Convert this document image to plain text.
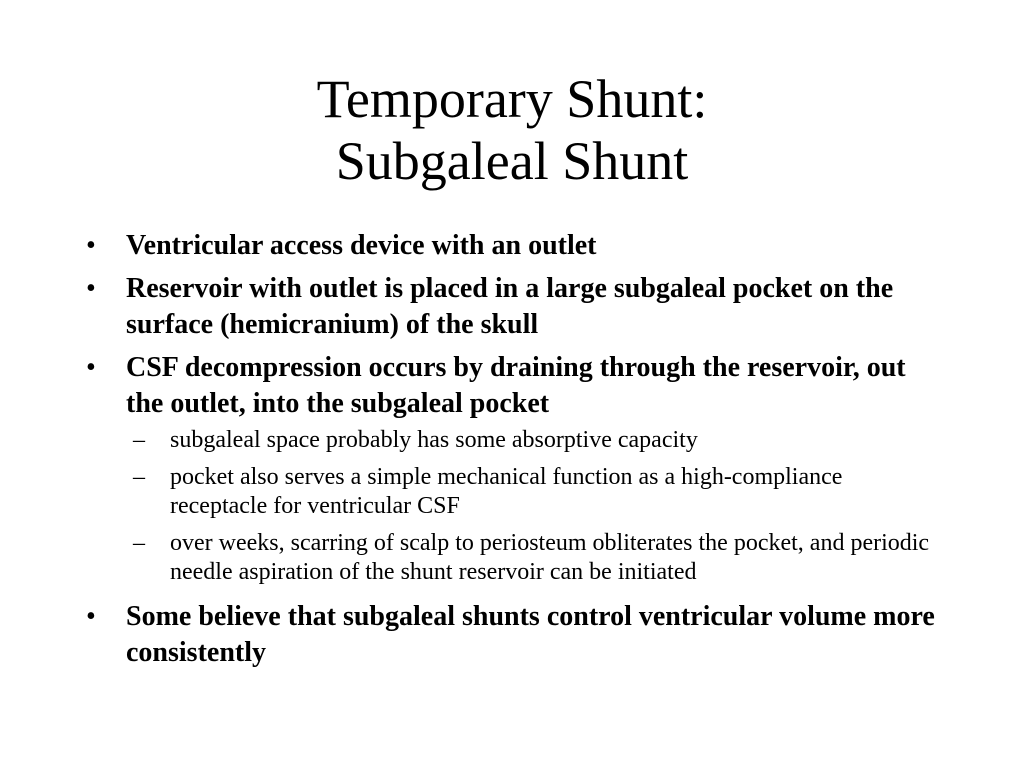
Temporary Shunt:
Subgaleal Shunt
• Ventricular access device with an outlet
• Reservoir with outlet is placed in a large subgaleal pocket on the surface (hemicranium) of the skull
• CSF decompression occurs by draining through the reservoir, out the outlet, into the subgaleal pocket
– subgaleal space probably has some absorptive capacity
– pocket also serves a simple mechanical function as a high-compliance receptacle for ventricular CSF
– over weeks, scarring of scalp to periosteum obliterates the pocket, and periodic needle aspiration of the shunt reservoir can be initiated
• Some believe that subgaleal shunts control ventricular volume more consistently
